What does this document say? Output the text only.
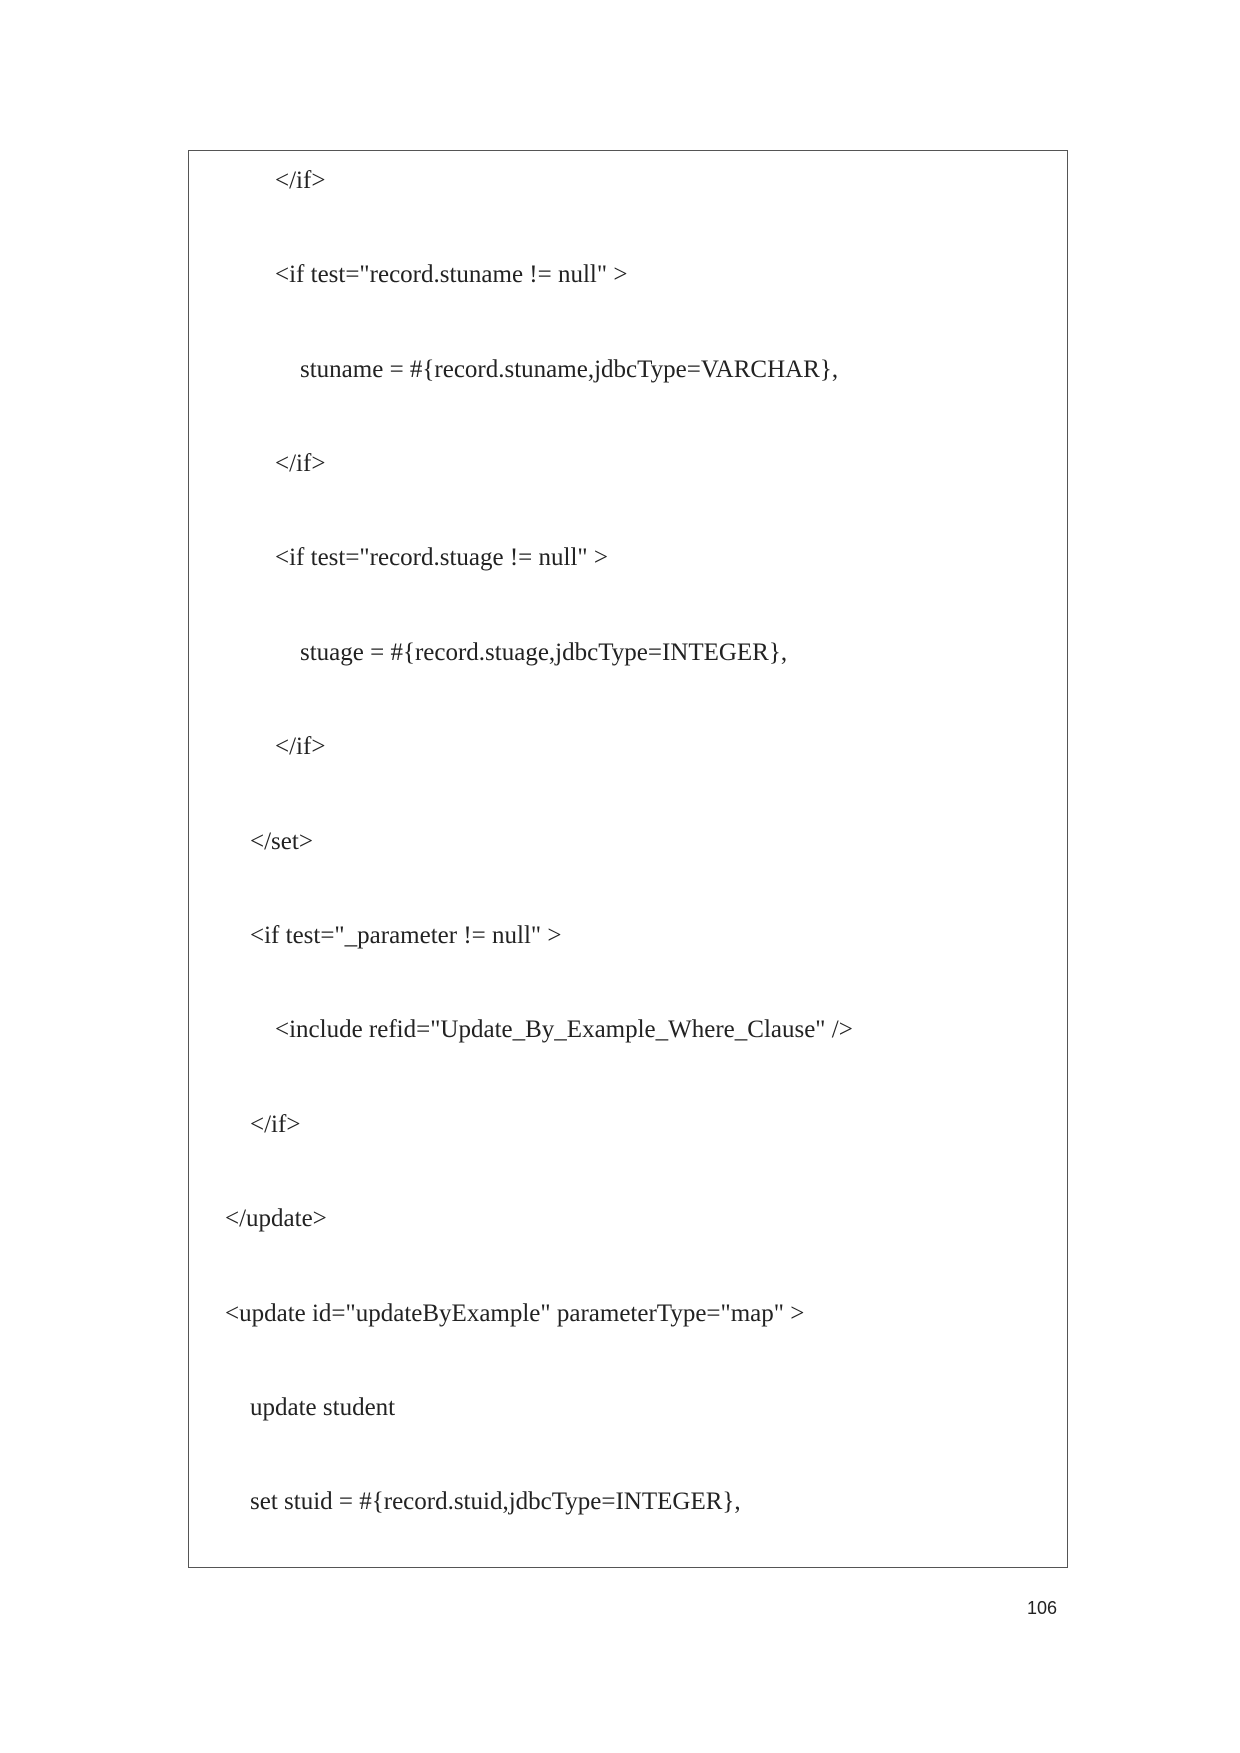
</if>
<if test="record.stuname != null" >
stuname = #{record.stuname,jdbcType=VARCHAR},
</if>
<if test="record.stuage != null" >
stuage = #{record.stuage,jdbcType=INTEGER},
</if>
</set>
<if test="_parameter != null" >
<include refid="Update_By_Example_Where_Clause" />
</if>
</update>
<update id="updateByExample" parameterType="map" >
update student
set stuid = #{record.stuid,jdbcType=INTEGER},
106
